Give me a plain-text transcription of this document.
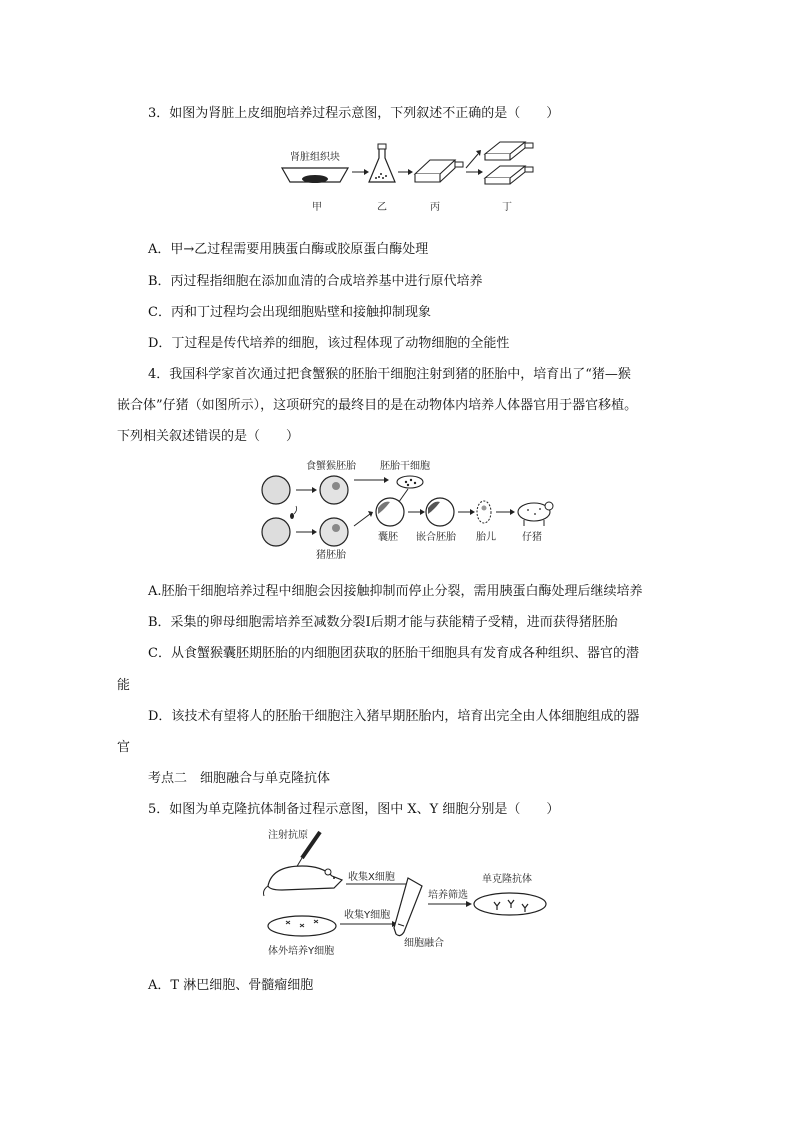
3．如图为肾脏上皮细胞培养过程示意图，下列叙述不正确的是（　　）
肾脏组织块
甲	乙	丙	丁
A．甲→乙过程需要用胰蛋白酶或胶原蛋白酶处理
B．丙过程指细胞在添加血清的合成培养基中进行原代培养
C．丙和丁过程均会出现细胞贴壁和接触抑制现象
D．丁过程是传代培养的细胞，该过程体现了动物细胞的全能性
4．我国科学家首次通过把食蟹猴的胚胎干细胞注射到猪的胚胎中，培育出了“猪—猴
嵌合体”仔猪（如图所示），这项研究的最终目的是在动物体内培养人体器官用于器官移植。
下列相关叙述错误的是（　　）
食蟹猴胚胎 胚胎干细胞
猪胚胎
囊胚 嵌合胚胎 胎儿	仔猪
A.胚胎干细胞培养过程中细胞会因接触抑制而停止分裂，需用胰蛋白酶处理后继续培养
B．采集的卵母细胞需培养至减数分裂Ⅰ后期才能与获能精子受精，进而获得猪胚胎
C．从食蟹猴囊胚期胚胎的内细胞团获取的胚胎干细胞具有发育成各种组织、器官的潜
能
D．该技术有望将人的胚胎干细胞注入猪早期胚胎内，培育出完全由人体细胞组成的器
官
考点二　细胞融合与单克隆抗体
5．如图为单克隆抗体制备过程示意图，图中 X、Y 细胞分别是（　　）
注射抗原
收集X细胞
体外培养Y细胞
收集Y细胞
细胞融合
培养筛选
单克隆抗体
A．T 淋巴细胞、骨髓瘤细胞
